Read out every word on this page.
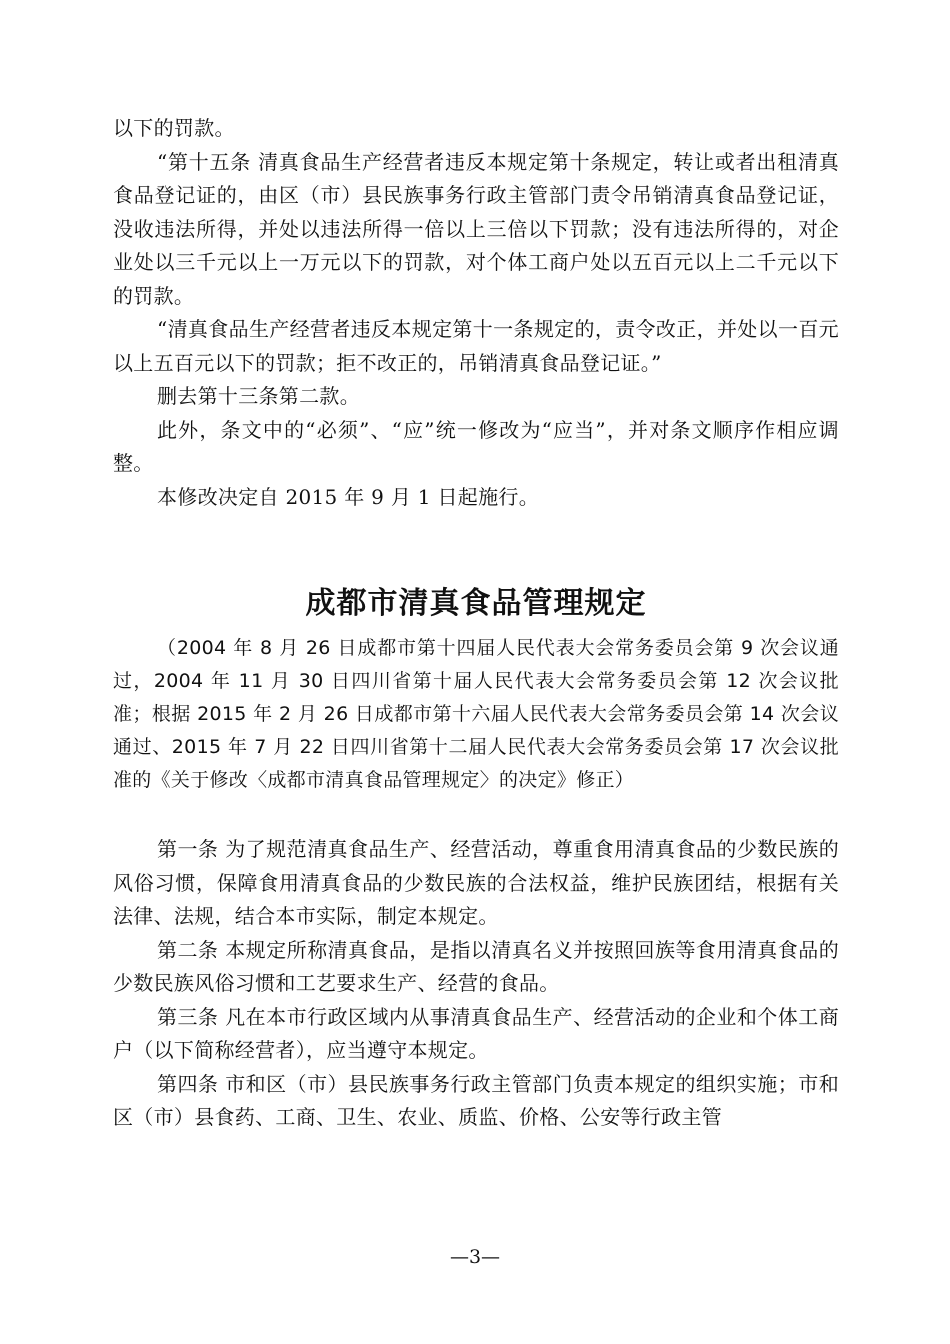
以下的罚款。

“第十五条 清真食品生产经营者违反本规定第十条规定，转让或者出租清真食品登记证的，由区（市）县民族事务行政主管部门责令吊销清真食品登记证，没收违法所得，并处以违法所得一倍以上三倍以下罚款；没有违法所得的，对企业处以三千元以上一万元以下的罚款，对个体工商户处以五百元以上二千元以下的罚款。

“清真食品生产经营者违反本规定第十一条规定的，责令改正，并处以一百元以上五百元以下的罚款；拒不改正的，吊销清真食品登记证。”

删去第十三条第二款。

此外，条文中的“必须”、“应”统一修改为“应当”，并对条文顺序作相应调整。

本修改决定自 2015 年 9 月 1 日起施行。

成都市清真食品管理规定

（2004 年 8 月 26 日成都市第十四届人民代表大会常务委员会第 9 次会议通过，2004 年 11 月 30 日四川省第十届人民代表大会常务委员会第 12 次会议批准；根据 2015 年 2 月 26 日成都市第十六届人民代表大会常务委员会第 14 次会议通过、2015 年 7 月 22 日四川省第十二届人民代表大会常务委员会第 17 次会议批准的《关于修改〈成都市清真食品管理规定〉的决定》修正）

第一条 为了规范清真食品生产、经营活动，尊重食用清真食品的少数民族的风俗习惯，保障食用清真食品的少数民族的合法权益，维护民族团结，根据有关法律、法规，结合本市实际，制定本规定。

第二条 本规定所称清真食品，是指以清真名义并按照回族等食用清真食品的少数民族风俗习惯和工艺要求生产、经营的食品。

第三条 凡在本市行政区域内从事清真食品生产、经营活动的企业和个体工商户（以下简称经营者），应当遵守本规定。

第四条 市和区（市）县民族事务行政主管部门负责本规定的组织实施；市和区（市）县食药、工商、卫生、农业、质监、价格、公安等行政主管

—3—
